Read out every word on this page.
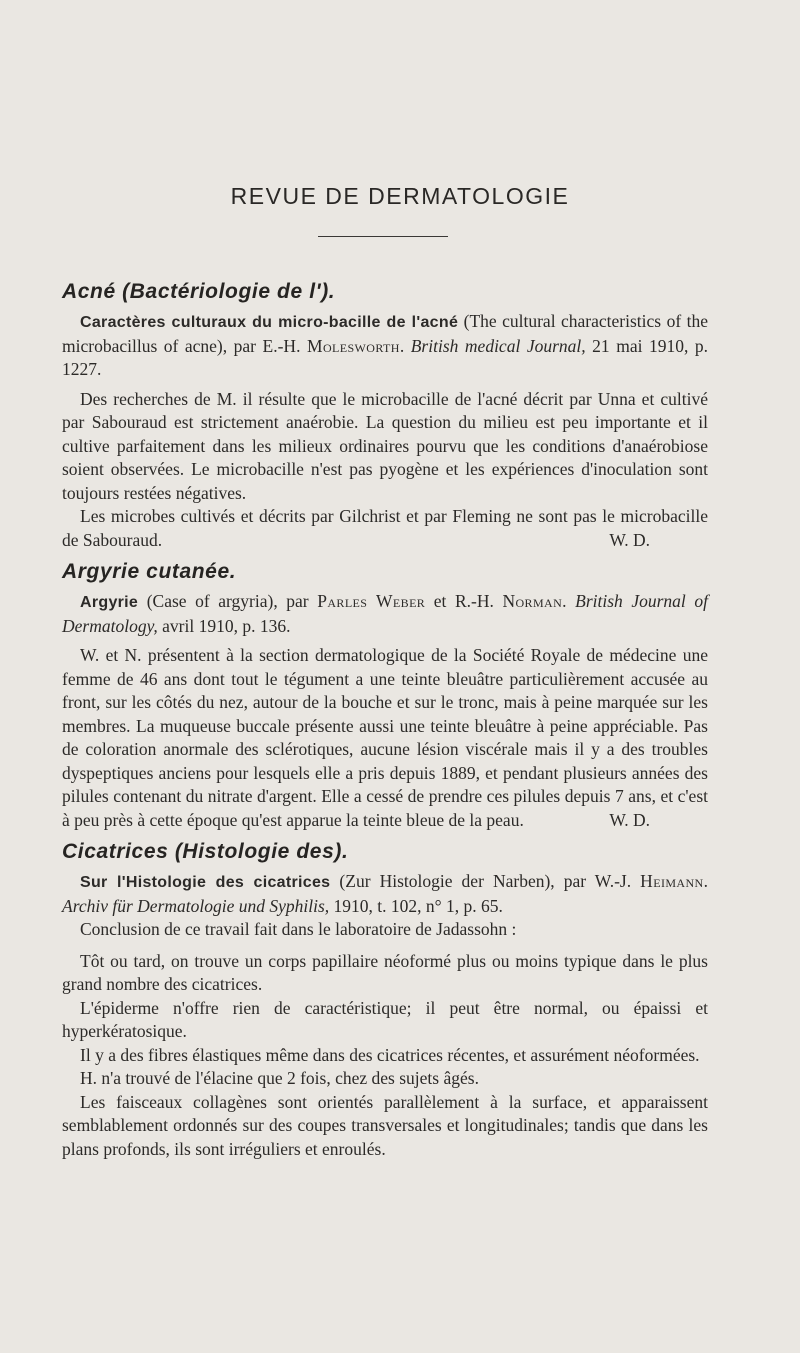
REVUE DE DERMATOLOGIE
Acné (Bactériologie de l').

Caractères culturaux du micro-bacille de l'acné (The cultural characteristics of the microbacillus of acne), par E.-H. Molesworth. British medical Journal, 21 mai 1910, p. 1227.

Des recherches de M. il résulte que le microbacille de l'acné décrit par Unna et cultivé par Sabouraud est strictement anaérobie. La question du milieu est peu importante et il cultive parfaitement dans les milieux ordinaires pourvu que les conditions d'anaérobiose soient observées. Le microbacille n'est pas pyogène et les expériences d'inoculation sont toujours restées négatives.

Les microbes cultivés et décrits par Gilchrist et par Fleming ne sont pas le microbacille de Sabouraud.	W. D.

Argyrie cutanée.

Argyrie (Case of argyria), par Parles Weber et R.-H. Norman. British Journal of Dermatology, avril 1910, p. 136.

W. et N. présentent à la section dermatologique de la Société Royale de médecine une femme de 46 ans dont tout le tégument a une teinte bleuâtre particulièrement accusée au front, sur les côtés du nez, autour de la bouche et sur le tronc, mais à peine marquée sur les membres. La muqueuse buccale présente aussi une teinte bleuâtre à peine appréciable. Pas de coloration anormale des sclérotiques, aucune lésion viscérale mais il y a des troubles dyspeptiques anciens pour lesquels elle a pris depuis 1889, et pendant plusieurs années des pilules contenant du nitrate d'argent. Elle a cessé de prendre ces pilules depuis 7 ans, et c'est à peu près à cette époque qu'est apparue la teinte bleue de la peau.	W. D.

Cicatrices (Histologie des).

Sur l'Histologie des cicatrices (Zur Histologie der Narben), par W.-J. Heimann. Archiv für Dermatologie und Syphilis, 1910, t. 102, n° 1, p. 65.

Conclusion de ce travail fait dans le laboratoire de Jadassohn :

Tôt ou tard, on trouve un corps papillaire néoformé plus ou moins typique dans le plus grand nombre des cicatrices.

L'épiderme n'offre rien de caractéristique; il peut être normal, ou épaissi et hyperkératosique.

Il y a des fibres élastiques même dans des cicatrices récentes, et assurément néoformées.

H. n'a trouvé de l'élacine que 2 fois, chez des sujets âgés.

Les faisceaux collagènes sont orientés parallèlement à la surface, et apparaissent semblablement ordonnés sur des coupes transversales et longitudinales; tandis que dans les plans profonds, ils sont irréguliers et enroulés.
